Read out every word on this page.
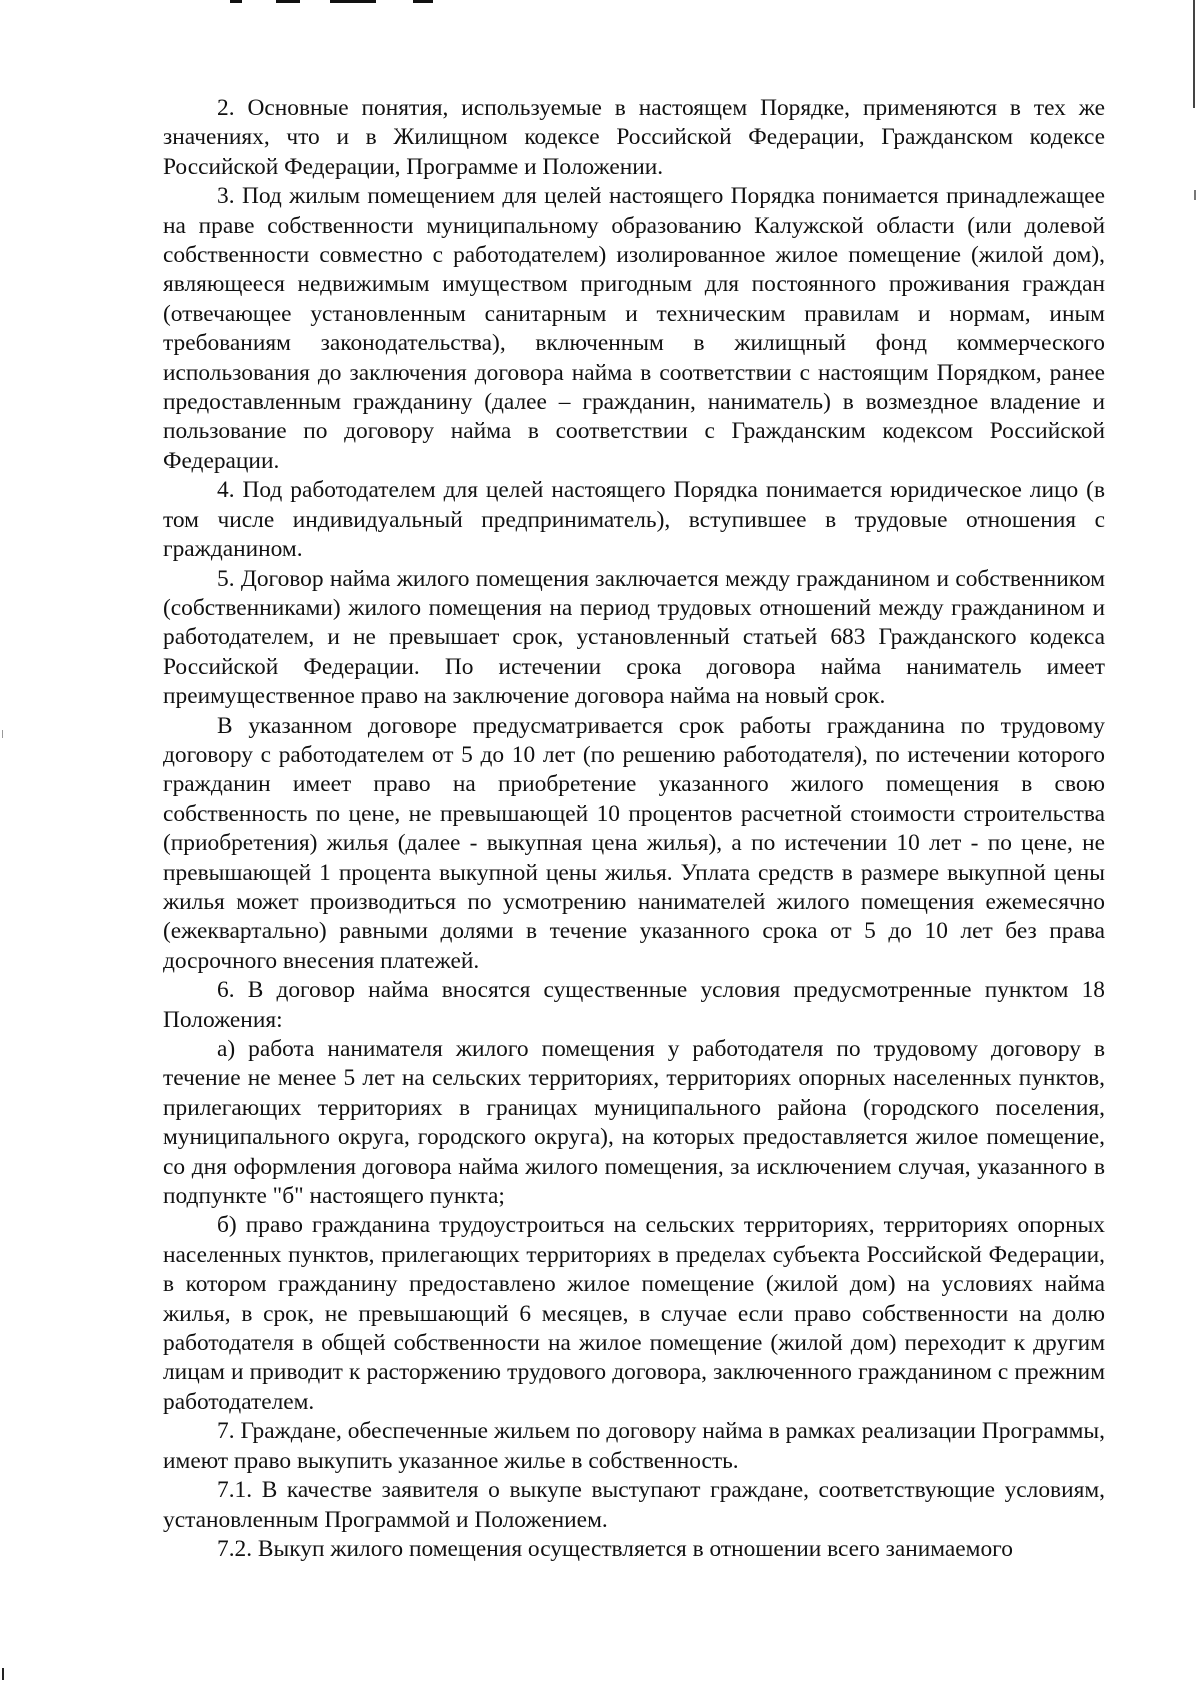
2. Основные понятия, используемые в настоящем Порядке, применяются в тех же значениях, что и в Жилищном кодексе Российской Федерации, Гражданском кодексе Российской Федерации, Программе и Положении.

3. Под жилым помещением для целей настоящего Порядка понимается принадлежащее на праве собственности муниципальному образованию Калужской области (или долевой собственности совместно с работодателем) изолированное жилое помещение (жилой дом), являющееся недвижимым имуществом пригодным для постоянного проживания граждан (отвечающее установленным санитарным и техническим правилам и нормам, иным требованиям законодательства), включенным в жилищный фонд коммерческого использования до заключения договора найма в соответствии с настоящим Порядком, ранее предоставленным гражданину (далее – гражданин, наниматель) в возмездное владение и пользование по договору найма в соответствии с Гражданским кодексом Российской Федерации.

4. Под работодателем для целей настоящего Порядка понимается юридическое лицо (в том числе индивидуальный предприниматель), вступившее в трудовые отношения с гражданином.

5. Договор найма жилого помещения заключается между гражданином и собственником (собственниками) жилого помещения на период трудовых отношений между гражданином и работодателем, и не превышает срок, установленный статьей 683 Гражданского кодекса Российской Федерации. По истечении срока договора найма наниматель имеет преимущественное право на заключение договора найма на новый срок.

В указанном договоре предусматривается срок работы гражданина по трудовому договору с работодателем от 5 до 10 лет (по решению работодателя), по истечении которого гражданин имеет право на приобретение указанного жилого помещения в свою собственность по цене, не превышающей 10 процентов расчетной стоимости строительства (приобретения) жилья (далее - выкупная цена жилья), а по истечении 10 лет - по цене, не превышающей 1 процента выкупной цены жилья. Уплата средств в размере выкупной цены жилья может производиться по усмотрению нанимателей жилого помещения ежемесячно (ежеквартально) равными долями в течение указанного срока от 5 до 10 лет без права досрочного внесения платежей.

6. В договор найма вносятся существенные условия предусмотренные пунктом 18 Положения:

а) работа нанимателя жилого помещения у работодателя по трудовому договору в течение не менее 5 лет на сельских территориях, территориях опорных населенных пунктов, прилегающих территориях в границах муниципального района (городского поселения, муниципального округа, городского округа), на которых предоставляется жилое помещение, со дня оформления договора найма жилого помещения, за исключением случая, указанного в подпункте "б" настоящего пункта;

б) право гражданина трудоустроиться на сельских территориях, территориях опорных населенных пунктов, прилегающих территориях в пределах субъекта Российской Федерации, в котором гражданину предоставлено жилое помещение (жилой дом) на условиях найма жилья, в срок, не превышающий 6 месяцев, в случае если право собственности на долю работодателя в общей собственности на жилое помещение (жилой дом) переходит к другим лицам и приводит к расторжению трудового договора, заключенного гражданином с прежним работодателем.

7. Граждане, обеспеченные жильем по договору найма в рамках реализации Программы, имеют право выкупить указанное жилье в собственность.

7.1. В качестве заявителя о выкупе выступают граждане, соответствующие условиям, установленным Программой и Положением.

7.2. Выкуп жилого помещения осуществляется в отношении всего занимаемого
